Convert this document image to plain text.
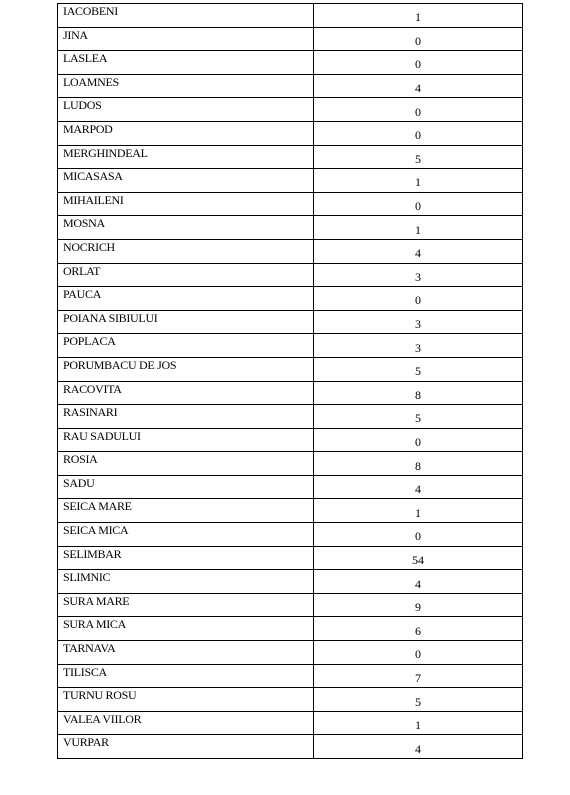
IACOBENI	1
JINA	0
LASLEA	0
LOAMNES	4
LUDOS	0
MARPOD	0
MERGHINDEAL	5
MICASASA	1
MIHAILENI	0
MOSNA	1
NOCRICH	4
ORLAT	3
PAUCA	0
POIANA SIBIULUI	3
POPLACA	3
PORUMBACU DE JOS	5
RACOVITA	8
RASINARI	5
RAU SADULUI	0
ROSIA	8
SADU	4
SEICA MARE	1
SEICA MICA	0
SELIMBAR	54
SLIMNIC	4
SURA MARE	9
SURA MICA	6
TARNAVA	0
TILISCA	7
TURNU ROSU	5
VALEA VIILOR	1
VURPAR	4
